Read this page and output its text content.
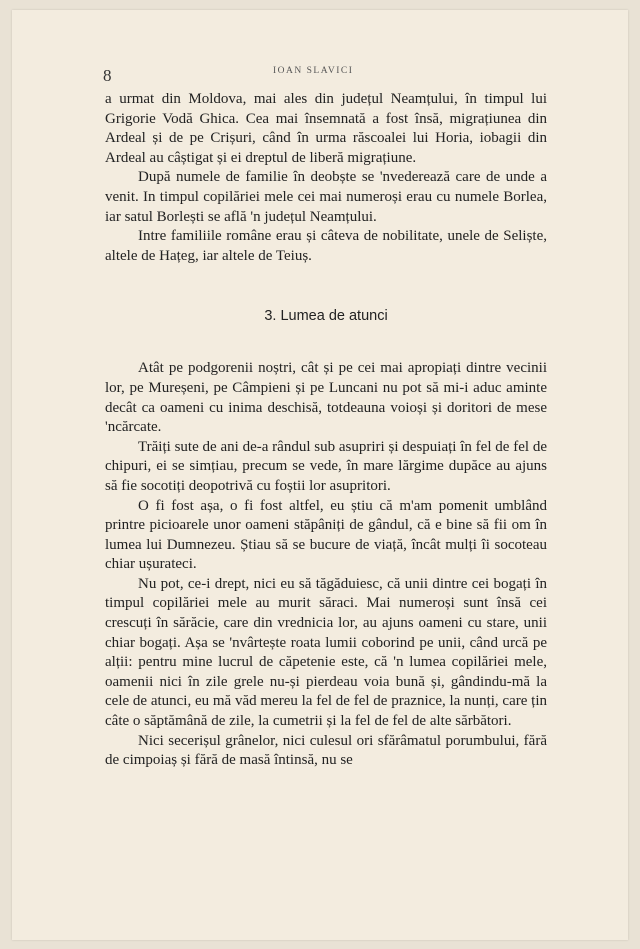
8	IOAN SLAVICI

a urmat din Moldova, mai ales din județul Neamțului, în timpul lui Grigorie Vodă Ghica. Cea mai însemnată a fost însă, migrațiunea din Ardeal și de pe Crișuri, când în urma răscoalei lui Horia, iobagii din Ardeal au câștigat și ei dreptul de liberă migrațiune.

După numele de familie în deobște se 'nvederează care de unde a venit. In timpul copilăriei mele cei mai numeroși erau cu numele Borlea, iar satul Borlești se află 'n județul Neamțului.

Intre familiile române erau și câteva de nobilitate, unele de Seliște, altele de Hațeg, iar altele de Teiuș.

3. Lumea de atunci

Atât pe podgorenii noștri, cât și pe cei mai apropiați dintre vecinii lor, pe Mureșeni, pe Câmpieni și pe Luncani nu pot să mi-i aduc aminte decât ca oameni cu inima deschisă, totdeauna voioși și doritori de mese 'ncărcate.

Trăiți sute de ani de-a rândul sub asupriri și despuiați în fel de fel de chipuri, ei se simțiau, precum se vede, în mare lărgime dupăce au ajuns să fie socotiți deopotrivă cu foștii lor asupritori.

O fi fost așa, o fi fost altfel, eu știu că m'am pomenit umblând printre picioarele unor oameni stăpâniți de gândul, că e bine să fii om în lumea lui Dumnezeu. Știau să se bucure de viață, încât mulți îi socoteau chiar ușurateci.

Nu pot, ce-i drept, nici eu să tăgăduiesc, că unii dintre cei bogați în timpul copilăriei mele au murit săraci. Mai numeroși sunt însă cei crescuți în sărăcie, care din vrednicia lor, au ajuns oameni cu stare, unii chiar bogați. Așa se 'nvârtește roata lumii coborind pe unii, când urcă pe alții: pentru mine lucrul de căpetenie este, că 'n lumea copilăriei mele, oamenii nici în zile grele nu-și pierdeau voia bună și, gândindu-mă la cele de atunci, eu mă văd mereu la fel de fel de praznice, la nunți, care țin câte o săptămână de zile, la cumetrii și la fel de fel de alte sărbători.

Nici secerișul grânelor, nici culesul ori sfărâmatul porumbului, fără de cimpoiaș și fără de masă întinsă, nu se
